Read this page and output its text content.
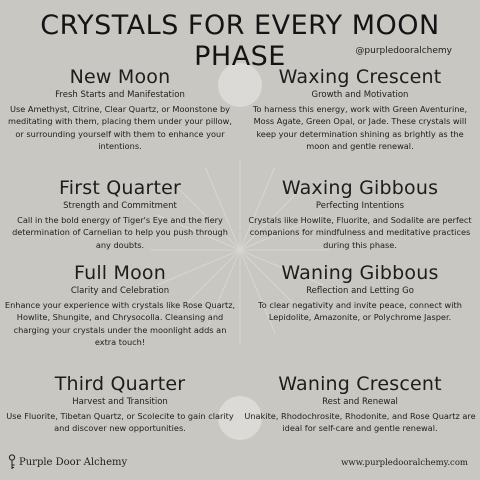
CRYSTALS FOR EVERY MOON PHASE	@purpledooralchemy
New Moon
Fresh Starts and Manifestation

Use Amethyst, Citrine, Clear Quartz, or Moonstone by meditating with them, placing them under your pillow, or surrounding yourself with them to enhance your intentions.

Waxing Crescent
Growth and Motivation

To harness this energy, work with Green Aventurine, Moss Agate, Green Opal, or Jade. These crystals will keep your determination shining as brightly as the moon and gentle renewal.

First Quarter
Strength and Commitment

Call in the bold energy of Tiger's Eye and the fiery determination of Carnelian to help you push through any doubts.

Waxing Gibbous
Perfecting Intentions

Crystals like Howlite, Fluorite, and Sodalite are perfect companions for mindfulness and meditative practices during this phase.

Full Moon
Clarity and Celebration

Enhance your experience with crystals like Rose Quartz, Howlite, Shungite, and Chrysocolla. Cleansing and charging your crystals under the moonlight adds an extra touch!

Waning Gibbous
Reflection and Letting Go

To clear negativity and invite peace, connect with Lepidolite, Amazonite, or Polychrome Jasper.

Third Quarter
Harvest and Transition

Use Fluorite, Tibetan Quartz, or Scolecite to gain clarity and discover new opportunities.

Waning Crescent
Rest and Renewal

Unakite, Rhodochrosite, Rhodonite, and Rose Quartz are ideal for self-care and gentle renewal.

Purple Door Alchemy	www.purpledooralchemy.com
